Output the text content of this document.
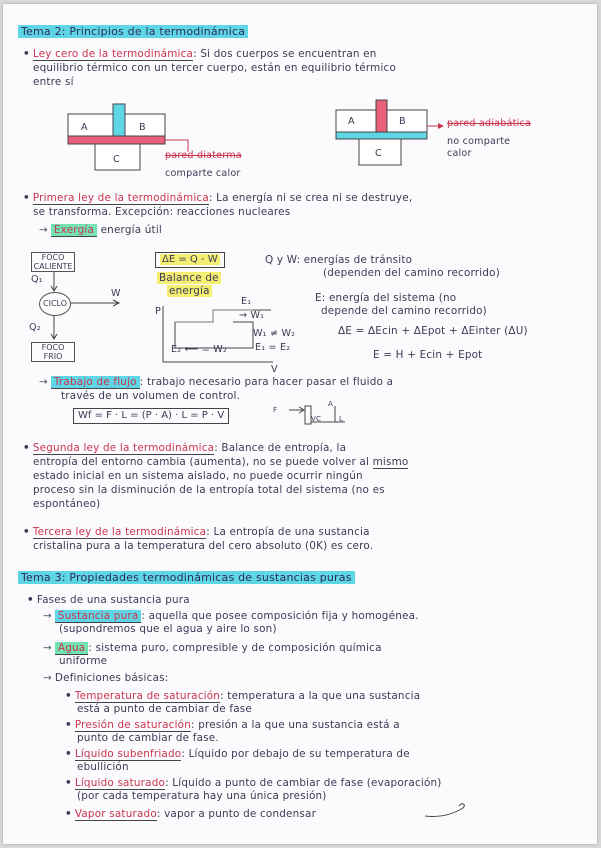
Tema 2: Principios de la termodinámica
• Ley cero de la termodinámica: Si dos cuerpos se encuentran en
equilibrio térmico con un tercer cuerpo, están en equilibrio térmico
entre sí
A	B
C	pared diaterma
comparte calor
A	B
C
pared adiabática
no comparte
calor
• Primera ley de la termodinámica: La energía ni se crea ni se destruye,
se transforma. Excepción: reacciones nucleares
→ Exergía energía útil
FOCO CALIENTE
Q₁
CICLO
W
Q₂
FOCO FRIO
ΔE = Q - W
Balance de
energía
P
V
E₁
→ W₁
W₁ ≠ W₂
E₁ = E₂
E₂ ⟵ = W₂
Q y W: energías de tránsito
(dependen del camino recorrido)
E: energía del sistema (no
depende del camino recorrido)
ΔE = ΔEcin + ΔEpot + ΔEinter (ΔU)
E = H + Ecin + Epot
→ Trabajo de flujo : trabajo necesario para hacer pasar el fluido a
través de un volumen de control.
Wf = F · L = (P · A) · L = P · V	F
A
VC	L
• Segunda ley de la termodinámica: Balance de entropía, la
entropía del entorno cambia (aumenta), no se puede volver al mismo
estado inicial en un sistema aislado, no puede ocurrir ningún
proceso sin la disminución de la entropía total del sistema (no es
espontáneo)
• Tercera ley de la termodinámica: La entropía de una sustancia
cristalina pura a la temperatura del cero absoluto (0K) es cero.
Tema 3: Propiedades termodinámicas de sustancias puras
• Fases de una sustancia pura
→ Sustancia pura : aquella que posee composición fija y homogénea.
(supondremos que el agua y aire lo son)
→ Agua : sistema puro, compresible y de composición química
uniforme
→ Definiciones básicas:
• Temperatura de saturación: temperatura a la que una sustancia
está a punto de cambiar de fase
• Presión de saturación: presión a la que una sustancia está a
punto de cambiar de fase.
• Líquido subenfriado: Líquido por debajo de su temperatura de
ebullición
• Líquido saturado: Líquido a punto de cambiar de fase (evaporación)
(por cada temperatura hay una única presión)
• Vapor saturado: vapor a punto de condensar
